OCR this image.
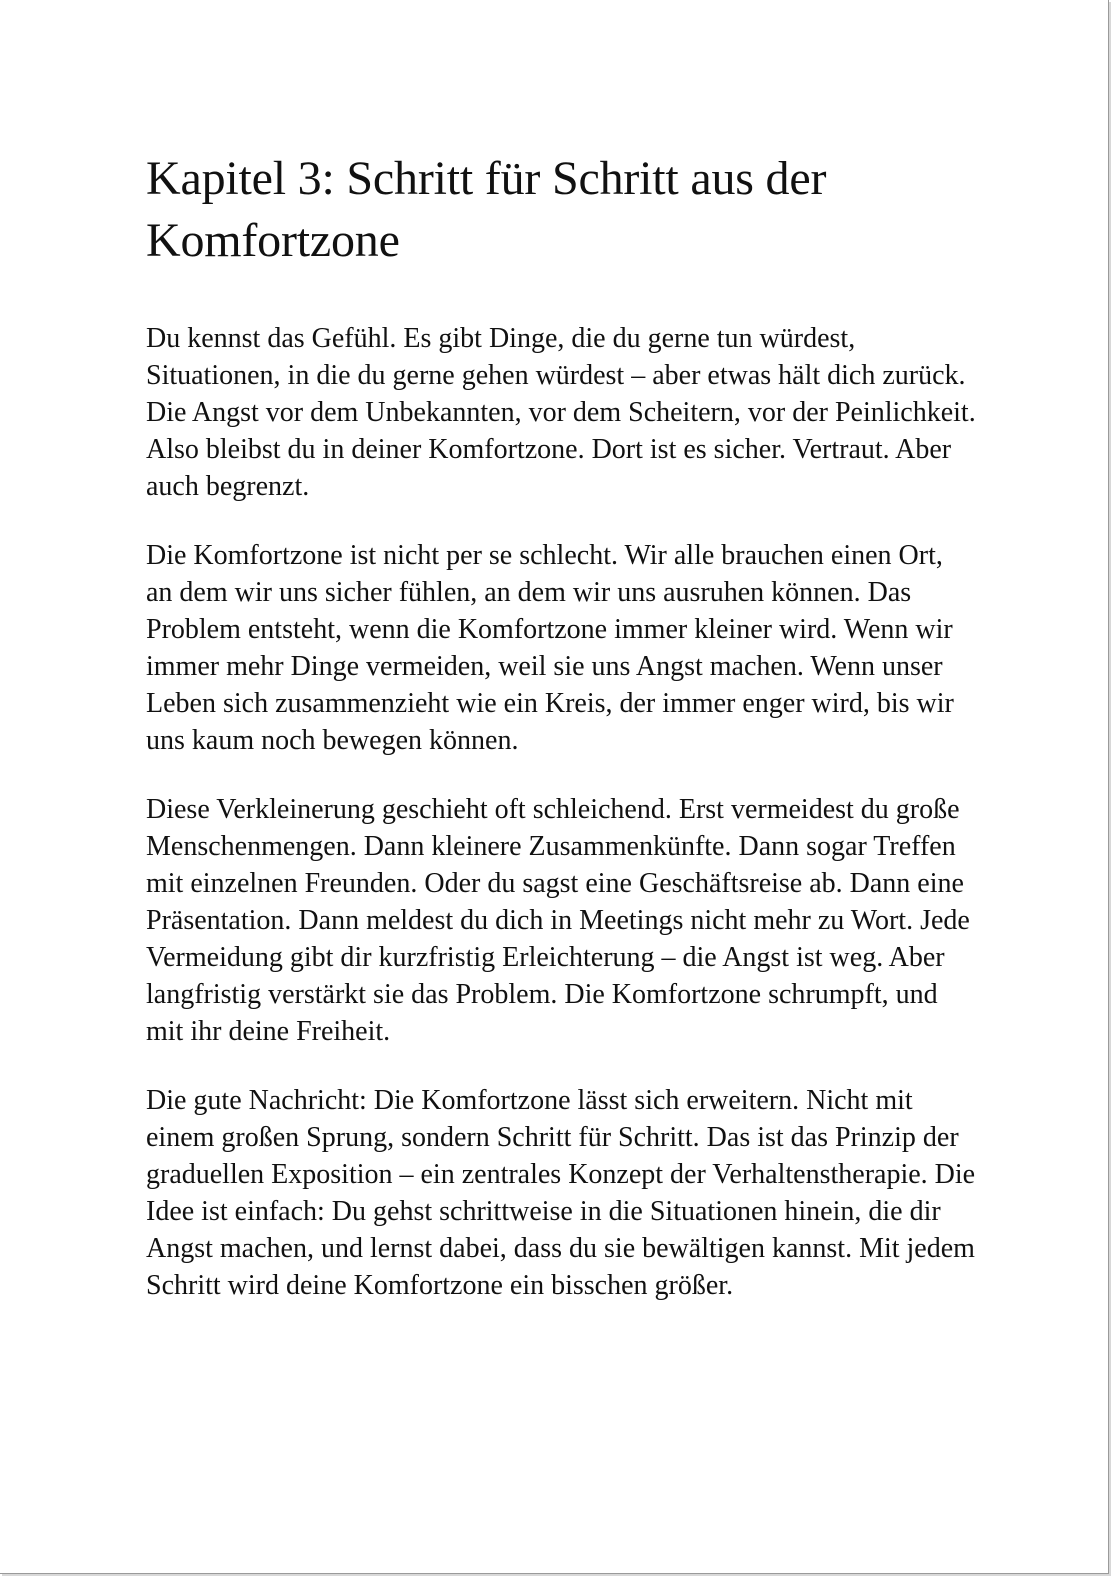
Kapitel 3: Schritt für Schritt aus der Komfortzone

Du kennst das Gefühl. Es gibt Dinge, die du gerne tun würdest, Situationen, in die du gerne gehen würdest – aber etwas hält dich zurück. Die Angst vor dem Unbekannten, vor dem Scheitern, vor der Peinlichkeit. Also bleibst du in deiner Komfortzone. Dort ist es sicher. Vertraut. Aber auch begrenzt.

Die Komfortzone ist nicht per se schlecht. Wir alle brauchen einen Ort, an dem wir uns sicher fühlen, an dem wir uns ausruhen können. Das Problem entsteht, wenn die Komfortzone immer kleiner wird. Wenn wir immer mehr Dinge vermeiden, weil sie uns Angst machen. Wenn unser Leben sich zusammenzieht wie ein Kreis, der immer enger wird, bis wir uns kaum noch bewegen können.

Diese Verkleinerung geschieht oft schleichend. Erst vermeidest du große Menschenmengen. Dann kleinere Zusammenkünfte. Dann sogar Treffen mit einzelnen Freunden. Oder du sagst eine Geschäftsreise ab. Dann eine Präsentation. Dann meldest du dich in Meetings nicht mehr zu Wort. Jede Vermeidung gibt dir kurzfristig Erleichterung – die Angst ist weg. Aber langfristig verstärkt sie das Problem. Die Komfortzone schrumpft, und mit ihr deine Freiheit.

Die gute Nachricht: Die Komfortzone lässt sich erweitern. Nicht mit einem großen Sprung, sondern Schritt für Schritt. Das ist das Prinzip der graduellen Exposition – ein zentrales Konzept der Verhaltenstherapie. Die Idee ist einfach: Du gehst schrittweise in die Situationen hinein, die dir Angst machen, und lernst dabei, dass du sie bewältigen kannst. Mit jedem Schritt wird deine Komfortzone ein bisschen größer.
